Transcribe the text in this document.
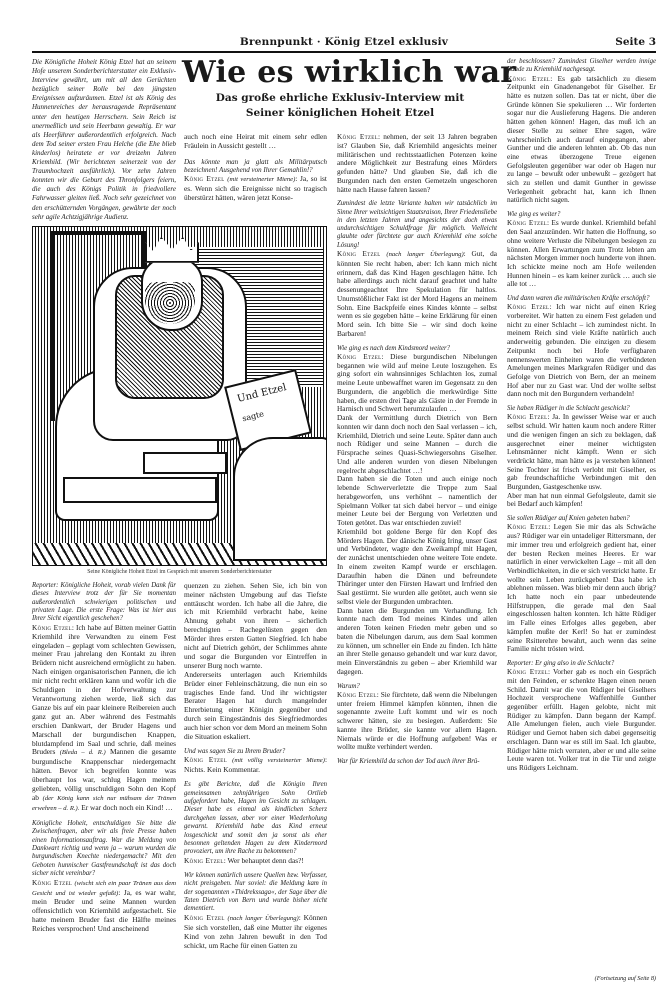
Brennpunkt · König Etzel exklusiv	Seite 3
Die Königliche Hoheit König Etzel hat an seinem Hofe unserem Sonderberichterstatter ein Exklusiv-Interview gewährt, um mit all den Gerüchten bezüglich seiner Rolle bei den jüngsten Ereignissen aufzuräumen. Etzel ist als König des Hunnenreiches der herausragende Repräsentant unter den heutigen Herrschern. Sein Reich ist unermeßlich und sein Heerbann gewaltig. Er war als Heerführer außerordentlich erfolgreich. Nach dem Tod seiner ersten Frau Helche (die Ehe blieb kinderlos) heiratete er vor dreizehn Jahren Kriemhild. (Wir berichteten seinerzeit von der Traumhochzeit ausführlich). Vor zehn Jahren konnten wir die Geburt des Thronfolgers feiern, die auch des Königs Politik in friedvollere Fahrwasser gleiten ließ. Noch sehr gezeichnet von den erschütternden Vorgängen, gewährte der noch sehr agile Achtzigjährige Audienz.
Wie es wirklich war
Das große ehrliche Exklusiv-Interview mit
Seiner königlichen Hoheit Etzel

auch noch eine Heirat mit einem sehr edlen Fräulein in Aussicht gestellt …

Das könnte man ja glatt als Militärputsch bezeichnen! Ausgehend von Ihrer Gemahlin!?

König Etzel (mit versteinerter Miene): Ja, so ist es. Wenn sich die Ereignisse nicht so tragisch überstürzt hätten, wären jetzt Konse-

König Etzel: nehmen, der seit 13 Jahren begraben ist? Glauben Sie, daß Kriemhild angesichts meiner militärischen und rechtsstaatlichen Potenzen keine andere Möglichkeit zur Bestrafung eines Mörders gefunden hätte? Und glauben Sie, daß ich die Burgunden nach den ersten Gemetzeln ungeschoren hätte nach Hause fahren lassen?

Zumindest die letzte Variante halten wir tatsächlich im Sinne Ihrer weitsichtigen Staatsraison, Ihrer Friedensliebe in den letzten Jahren und angesichts der doch etwas undurchsichtigen Schuldfrage für möglich. Vielleicht glaubte oder fürchtete gar auch Kriemhild eine solche Lösung!

König Etzel (nach langer Überlegung): Gut, da könnten Sie recht haben, aber: Ich kann mich nicht erinnern, daß das Kind Hagen geschlagen hätte. Ich habe allerdings auch nicht darauf geachtet und halte dessenungeachtet Ihre Spekulation für haltlos. Unumstößlicher Fakt ist der Mord Hagens an meinem Sohn. Eine Backpfeife eines Kindes könnte – selbst wenn es sie gegeben hätte – keine Erklärung für einen Mord sein. Ich bitte Sie – wir sind doch keine Barbaren!

Wie ging es nach dem Kindsmord weiter?

König Etzel: Diese burgundischen Nibelungen begannen wie wild auf meine Leute loszugehen. Es ging sofort ein wahnsinniges Schlachten los, zumal meine Leute unbewaffnet waren im Gegensatz zu den Burgundern, die angeblich die merkwürdige Sitte haben, die ersten drei Tage als Gäste in der Fremde in Harnisch und Schwert herumzulaufen …

Dank der Vermittlung durch Dietrich von Bern konnten wir dann doch noch den Saal verlassen – ich, Kriemhild, Dietrich und seine Leute. Später dann auch noch Rüdiger und seine Mannen – durch die Fürsprache seines Quasi-Schwiegersohns Giselher. Und alle anderen wurden von diesen Nibelungen regelrecht abgeschlachtet …!

Dann haben sie die Toten und auch einige noch lebende Schwerverletzte die Treppe zum Saal herabgeworfen, uns verhöhnt – namentlich der Spielmann Volker tat sich dabei hervor – und einige meiner Leute bei der Bergung von Verletzten und Toten getötet. Das war entschieden zuviel!

Kriemhild bot goldene Berge für den Kopf des Mörders Hagen. Der dänische König Iring, unser Gast und Verbündeter, wagte den Zweikampf mit Hagen, der zunächst unentschieden ohne weitere Tote endete. In einem zweiten Kampf wurde er erschlagen. Daraufhin haben die Dänen und befreundete Thüringer unter den Fürsten Hawart und Irnfried den Saal gestürmt. Sie wurden alle getötet, auch wenn sie selbst viele der Burgunden umbrachten.

Dann baten die Burgunden um Verhandlung. Ich konnte nach dem Tod meines Kindes und allen anderen Toten keinen Frieden mehr geben und so baten die Nibelungen darum, aus dem Saal kommen zu können, um schneller ein Ende zu finden. Ich hätte an ihrer Stelle genauso gehandelt und war kurz davor, mein Einverständnis zu geben – aber Kriemhild war dagegen.

Warum?

König Etzel: Sie fürchtete, daß wenn die Nibelungen unter freiem Himmel kämpfen könnten, ihnen die sogenannte zweite Luft kommt und wir es noch schwerer hätten, sie zu besiegen. Außerdem: Sie kannte ihre Brüder, sie kannte vor allem Hagen. Niemals würde er die Hoffnung aufgeben! Was er wollte mußte verhindert werden.

War für Kriemhild da schon der Tod auch ihrer Brü-

der beschlossen? Zumindest Giselher werden innige Bande zu Kriemhild nachgesagt.

König Etzel: Es gab tatsächlich zu diesem Zeitpunkt ein Gnadenangebot für Giselher. Er hätte es nutzen sollen. Das tat er nicht, über die Gründe können Sie spekulieren … Wir forderten sogar nur die Auslieferung Hagens. Die anderen hätten gehen können! Hagen, das muß ich an dieser Stelle zu seiner Ehre sagen, wäre wahrscheinlich auch darauf eingegangen, aber Gunther und die anderen lehnten ab. Ob das nun eine etwas überzogene Treue eigenen Gefolgsleuten gegenüber war oder ob Hagen nur zu lange – bewußt oder unbewußt – gezögert hat sich zu stellen und damit Gunther in gewisse Verlegenheit gebracht hat, kann ich Ihnen natürlich nicht sagen.

Wie ging es weiter?

König Etzel: Es wurde dunkel. Kriemhild befahl den Saal anzuzünden. Wir hatten die Hoffnung, so ohne weitere Verluste die Nibelungen besiegen zu können. Allen Erwartungen zum Trotz lebten am nächsten Morgen immer noch hunderte von ihnen. Ich schickte meine noch am Hofe weilenden Hunnen hinein – es kam keiner zurück … auch sie alle tot …

Und dann waren die militärischen Kräfte erschöpft?

König Etzel: Ich war nicht auf einen Krieg vorbereitet. Wir hatten zu einem Fest geladen und nicht zu einer Schlacht – ich zumindest nicht. In meinem Reich sind viele Kräfte natürlich auch anderweitig gebunden. Die einzigen zu diesem Zeitpunkt noch bei Hofe verfügbaren nennenswerten Einheiten waren die verbündeten Amelungen meines Markgrafen Rüdiger und das Gefolge von Dietrich von Bern, der an meinem Hof aber nur zu Gast war. Und der wollte selbst dann noch mit den Burgundern verhandeln!

Sie haben Rüdiger in die Schlacht geschickt?

König Etzel: Ja. In gewisser Weise war er auch selbst schuld. Wir hatten kaum noch andere Ritter und die wenigen fingen an sich zu beklagen, daß ausgerechnet einer meiner wichtigsten Lehnsmänner nicht kämpft. Wenn er sich verdrückt hätte, man hätte es ja verstehen können! Seine Tochter ist frisch verlobt mit Giselher, es gab freundschaftliche Verbindungen mit den Burgunden, Gastgeschenke usw.

Aber man hat nun einmal Gefolgsleute, damit sie bei Bedarf auch kämpfen!

Sie sollen Rüdiger auf Knien gebeten haben?

König Etzel: Legen Sie mir das als Schwäche aus? Rüdiger war ein untadeliger Rittersmann, der mir immer treu und erfolgreich gedient hat, einer der besten Recken meines Heeres. Er war natürlich in einer verwickelten Lage – mit all den Verbindlichkeiten, in die er sich verstrickt hatte. Er wollte sein Leben zurückgeben! Das habe ich ablehnen müssen. Was blieb mir denn auch übrig? Ich hatte noch ein paar unbedeutende Hilfstruppen, die gerade mal den Saal eingeschlossen halten konnten. Ich hätte Rüdiger im Falle eines Erfolges alles gegeben, aber kämpfen mußte der Kerl! So hat er zumindest seine Rsitterehre bewahrt, auch wenn das seine Familie nicht trösten wird.

Reporter: Er ging also in die Schlacht?

König Etzel: Vorher gab es noch ein Gespräch mit den Feinden, er schenkte Hagen einen neuen Schild. Damit war die von Rüdiger bei Giselhers Hochzeit versprochene Waffenhilfe Gunther gegenüber erfüllt. Hagen gelobte, nicht mit Rüdiger zu kämpfen. Dann begann der Kampf. Alle Amelungen fielen, auch viele Burgunder. Rüdiger und Gernot haben sich dabei gegenseitig erschlagen. Dann war es still im Saal. Ich glaubte, Rüdiger hätte mich verraten, aber er und alle seine Leute waren tot. Volker trat in die Tür und zeigte uns Rüdigers Leichnam.

Und Etzel
sagte
Seine Königliche Hoheit Etzel im Gespräch mit unserem Sonderberichterstatter

Reporter: Königliche Hoheit, vorab vielen Dank für dieses Interview trotz der für Sie momentan außerordentlich schwierigen politischen und privaten Lage. Die erste Frage: Was ist hier aus Ihrer Sicht eigentlich geschehen?

König Etzel: Ich habe auf Bitten meiner Gattin Kriemhild ihre Verwandten zu einem Fest eingeladen – geplagt vom schlechten Gewissen, meiner Frau jahrelang den Kontakt zu ihren Brüdern nicht ausreichend ermöglicht zu haben. Nach einigen organisatorischen Pannen, die ich mir nicht recht erklären kann und wofür ich die Schuldigen in der Hofverwaltung zur Verantwortung ziehen werde, ließ sich das Ganze bis auf ein paar kleinere Reibereien auch ganz gut an. Aber während des Festmahls erschien Dankwart, der Bruder Hagens und Marschall der burgundischen Knappen, blutdampfend im Saal und schrie, daß meines Bruders (Bleda – d. R.) Mannen die gesamte burgundische Knappenschar niedergemacht hätten. Bevor ich begreifen konnte was überhaupt los war, schlug Hagen meinem geliebten, völlig unschuldigen Sohn den Kopf ab (der König kann sich nur mühsam der Tränen erwehren – d. R.). Er war doch noch ein Kind! …

Königliche Hoheit, entschuldigen Sie bitte die Zwischenfragen, aber wir als freie Presse haben einen Informationsauftrag. War die Meldung von Dankwart richtig und wenn ja – warum wurden die burgundischen Knechte niedergemacht? Mit den Geboten hunnischer Gastfreundschaft ist das doch sicher nicht vereinbar?

König Etzel (wischt sich ein paar Tränen aus dem Gesicht und ist wieder gefaßt): Ja, es war wahr, mein Bruder und seine Mannen wurden offensichtlich von Kriemhild aufgestachelt. Sie hatte meinem Bruder fast die Hälfte meines Reiches versprochen! Und anscheinend

quenzen zu ziehen. Sehen Sie, ich bin von meiner nächsten Umgebung auf das Tiefste enttäuscht worden. Ich habe all die Jahre, die ich mit Kriemhild verbracht habe, keine Ahnung gehabt von ihren – sicherlich berechtigten – Rachegelüsten gegen den Mörder ihres ersten Gatten Siegfried. Ich habe nicht auf Dietrich gehört, der Schlimmes ahnte und sogar die Burgunden vor Eintreffen in unserer Burg noch warnte.

Andererseits unterlagen auch Kriemhilds Brüder einer Fehleinschätzung, die nun ein so tragisches Ende fand. Und ihr wichtigster Berater Hagen hat durch mangelnder Ehrerbietung einer Königin gegenüber und durch sein Eingeständnis des Siegfriedmordes auch hier schon vor dem Mord an meinem Sohn die Situation eskaliert.

Und was sagen Sie zu Ihrem Bruder?

König Etzel (mit völlig versteinerter Miene): Nichts. Kein Kommentar.

Es gibt Berichte, daß die Königin Ihren gemeinsamen zehnjährigen Sohn Ortlieb aufgefordert habe, Hagen im Gesicht zu schlagen. Dieser habe es einmal als kindlichen Scherz durchgehen lassen, aber vor einer Wiederholung gewarnt. Kriemhild habe das Kind erneut losgeschickt und somit den ja sonst als eher besonnen geltenden Hagen zu dem Kindermord provoziert, um ihre Rache zu bekommen?

König Etzel: Wer behauptet denn das?!

Wir können natürlich unsere Quellen bzw. Verfasser, nicht preisgeben. Nur soviel: die Meldung kam in der sogenannten »Thidrekssaga«, der Sage über die Taten Dietrich von Bern und wurde bisher nicht dementiert.

König Etzel (nach langer Überlegung): Können Sie sich vorstellen, daß eine Mutter ihr eigenes Kind von zehn Jahren bewußt in den Tod schickt, um Rache für einen Gatten zu

(Fortsetzung auf Seite 8)
